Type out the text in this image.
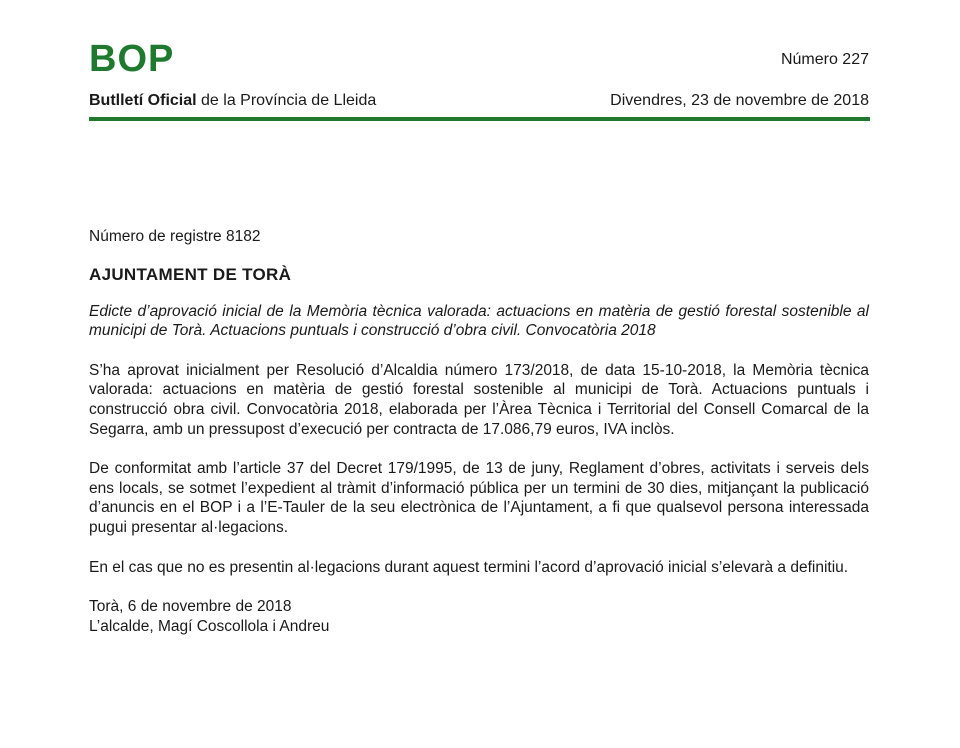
BOP	Número 227
Butlletí Oficial de la Província de Lleida	Divendres, 23 de novembre de 2018

Número de registre 8182

AJUNTAMENT DE TORÀ

Edicte d’aprovació inicial de la Memòria tècnica valorada: actuacions en matèria de gestió forestal sostenible al municipi de Torà. Actuacions puntuals i construcció d’obra civil. Convocatòria 2018

S’ha aprovat inicialment per Resolució d’Alcaldia número 173/2018, de data 15-10-2018, la Memòria tècnica valorada: actuacions en matèria de gestió forestal sostenible al municipi de Torà. Actuacions puntuals i construcció obra civil. Convocatòria 2018, elaborada per l’Àrea Tècnica i Territorial del Consell Comarcal de la Segarra, amb un pressupost d’execució per contracta de 17.086,79 euros, IVA inclòs.

De conformitat amb l’article 37 del Decret 179/1995, de 13 de juny, Reglament d’obres, activitats i serveis dels ens locals, se sotmet l’expedient al tràmit d’informació pública per un termini de 30 dies, mitjançant la publicació d’anuncis en el BOP i a l’E-Tauler de la seu electrònica de l’Ajuntament, a fi que qualsevol persona interessada pugui presentar al·legacions.

En el cas que no es presentin al·legacions durant aquest termini l’acord d’aprovació inicial s’elevarà a definitiu.

Torà, 6 de novembre de 2018

L’alcalde, Magí Coscollola i Andreu
